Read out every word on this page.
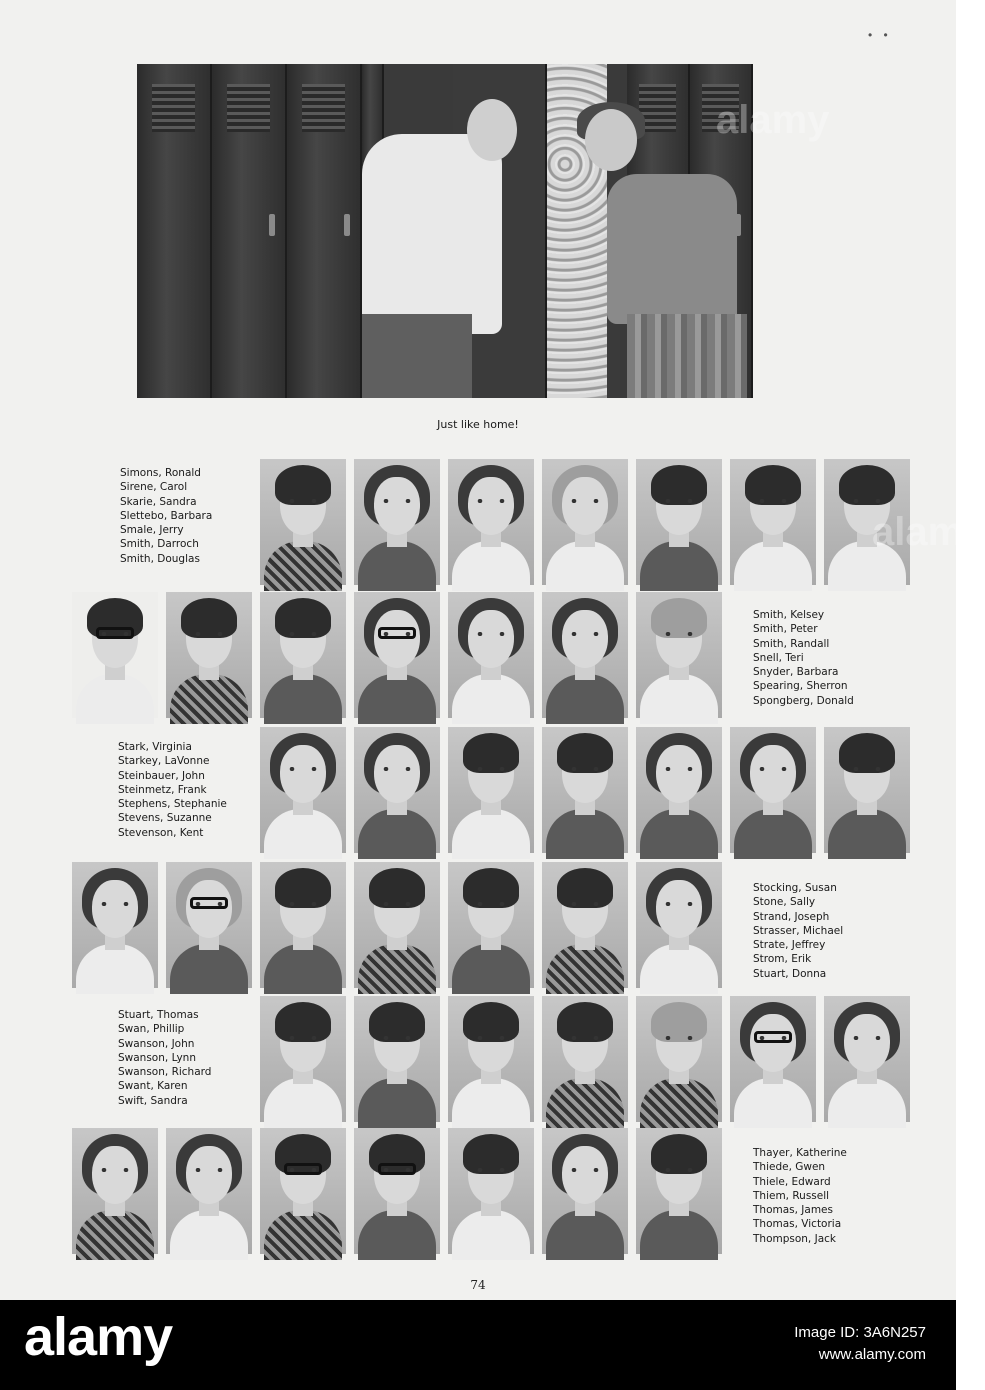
• •
Just like home!
Simons, Ronald
Sirene, Carol
Skarie, Sandra
Slettebo, Barbara
Smale, Jerry
Smith, Darroch
Smith, Douglas
Smith, Kelsey
Smith, Peter
Smith, Randall
Snell, Teri
Snyder, Barbara
Spearing, Sherron
Spongberg, Donald
Stark, Virginia
Starkey, LaVonne
Steinbauer, John
Steinmetz, Frank
Stephens, Stephanie
Stevens, Suzanne
Stevenson, Kent
Stocking, Susan
Stone, Sally
Strand, Joseph
Strasser, Michael
Strate, Jeffrey
Strom, Erik
Stuart, Donna
Stuart, Thomas
Swan, Phillip
Swanson, John
Swanson, Lynn
Swanson, Richard
Swant, Karen
Swift, Sandra
Thayer, Katherine
Thiede, Gwen
Thiele, Edward
Thiem, Russell
Thomas, James
Thomas, Victoria
Thompson, Jack
74
alamy
alamy
alamy	Image ID: 3A6N257
www.alamy.com
